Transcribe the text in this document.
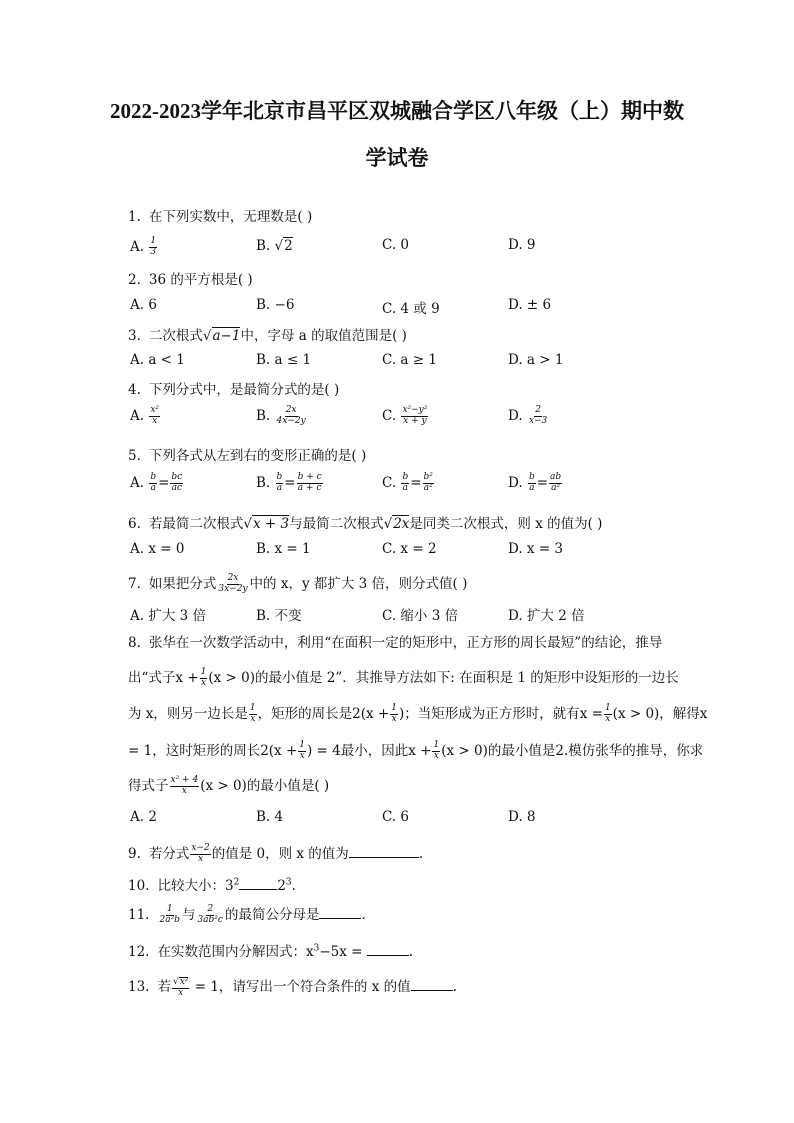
2022-2023学年北京市昌平区双城融合学区八年级（上）期中数
学试卷
1. 在下列实数中，无理数是( )
A. $\frac{1}{3}$	B. √2	C. 0	D. 9
2. 36 的平方根是( )
A. 6	B. −6	C. 4 或 9	D. ± 6
3. 二次根式√a−1中，字母 a 的取值范围是( )
A. a < 1	B. a ≤ 1	C. a ≥ 1	D. a > 1
4. 下列分式中，是最简分式的是( )
A. $\frac{\text{x²}}{x}$	B. $\frac{2x}{4x-2y}$	C. $\frac{\text{x²−y²}}{x + y}$	D. $\frac{2}{x-3}$
5. 下列各式从左到右的变形正确的是( )
A. $\frac{b}{a} = \frac{bc}{ac}$	B. $\frac{b}{a} = \frac{b + c}{a + c}$	C. $\frac{b}{a} = \frac{\text{b²}}{\text{a²}}$	D. $\frac{b}{a} = \frac{ab}{\text{a²}}$
6. 若最简二次根式√x + 3与最简二次根式√2x是同类二次根式，则 x 的值为( )
A. x = 0	B. x = 1	C. x = 2	D. x = 3
7. 如果把分式 $\frac{2x}{3x-2y}$ 中的 x，y 都扩大 3 倍，则分式值( )
A. 扩大 3 倍	B. 不变	C. 缩小 3 倍	D. 扩大 2 倍
8. 张华在一次数学活动中，利用“在面积一定的矩形中，正方形的周长最短”的结论，推导
出“式子$x + \frac{1}{x} (x > 0)$的最小值是 2”．其推导方法如下: 在面积是 1 的矩形中设矩形的一边长
为 x，则另一边长是 $\frac{1}{x}$ ，矩形的周长是$2(x + \frac{1}{x}$ )；当矩形成为正方形时，就有$x = \frac{1}{x} (x > 0)$，解得x
= 1，这时矩形的周长$2(x + \frac{1}{x}$ ) = 4最小，因此$x + \frac{1}{x} (x > 0)$的最小值是2.模仿张华的推导，你求
得式子 $\frac{\text{x² + 4}}{x} (x > 0)$的最小值是( )
A. 2	B. 4	C. 6	D. 8
9. 若分式 $\frac{x-2}{x}$ 的值是 0，则 x 的值为	.
10. 比较大小：$3^2$	$2^3$.
11. $\frac{1}{\text{2a²b}}$ 与 $\frac{2}{\text{3ab²c}}$ 的最简公分母是	.
12. 在实数范围内分解因式：$x^3-5x$ =	.
13. 若 $\frac{\text{√x²}}{x} = 1$，请写出一个符合条件的 x 的值	.
